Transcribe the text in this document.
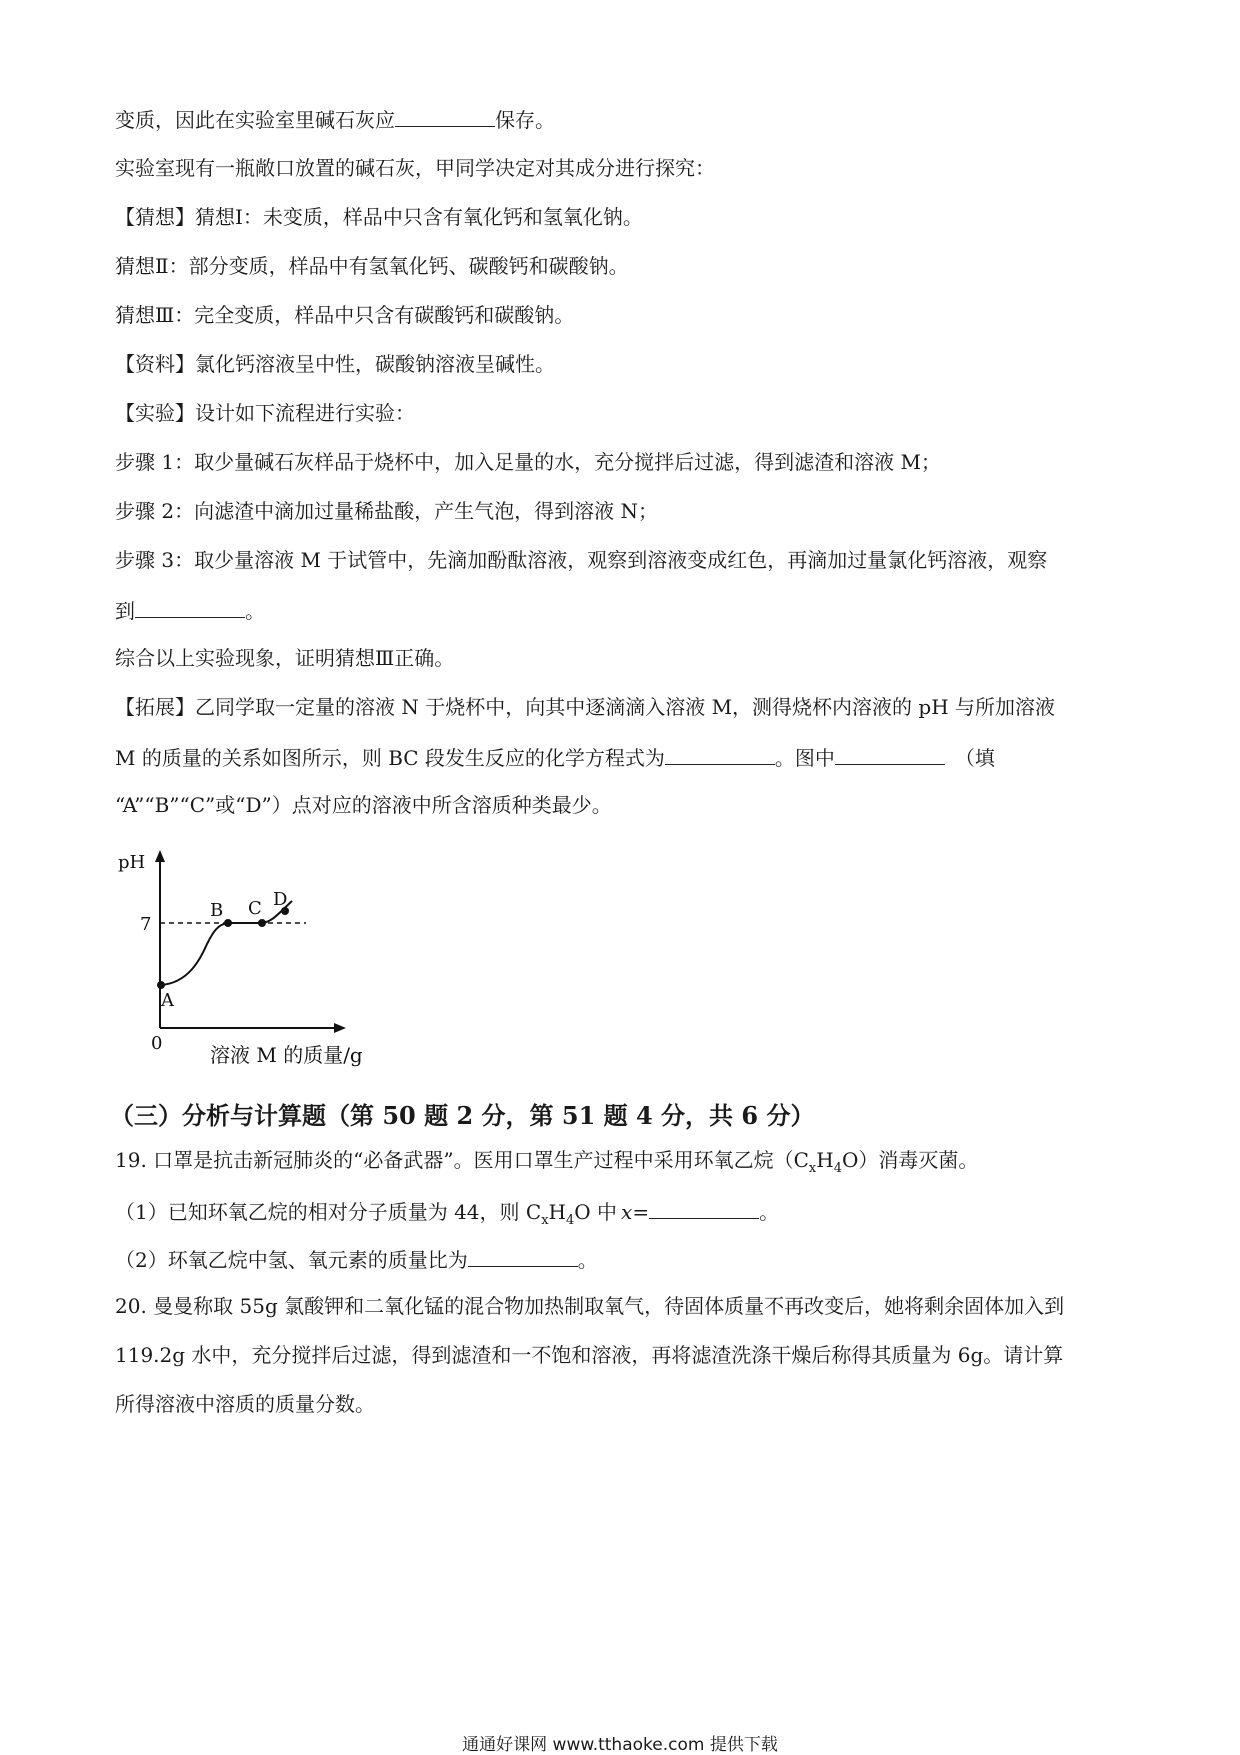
变质，因此在实验室里碱石灰应	保存。
实验室现有一瓶敞口放置的碱石灰，甲同学决定对其成分进行探究：
【猜想】猜想Ⅰ：未变质，样品中只含有氧化钙和氢氧化钠。
猜想Ⅱ：部分变质，样品中有氢氧化钙、碳酸钙和碳酸钠。
猜想Ⅲ：完全变质，样品中只含有碳酸钙和碳酸钠。
【资料】氯化钙溶液呈中性，碳酸钠溶液呈碱性。
【实验】设计如下流程进行实验：
步骤 1：取少量碱石灰样品于烧杯中，加入足量的水，充分搅拌后过滤，得到滤渣和溶液 M；
步骤 2：向滤渣中滴加过量稀盐酸，产生气泡，得到溶液 N；
步骤 3：取少量溶液 M 于试管中，先滴加酚酞溶液，观察到溶液变成红色，再滴加过量氯化钙溶液，观察
到	。
综合以上实验现象，证明猜想Ⅲ正确。
【拓展】乙同学取一定量的溶液 N 于烧杯中，向其中逐滴滴入溶液 M，测得烧杯内溶液的 pH 与所加溶液
M 的质量的关系如图所示，则 BC 段发生反应的化学方程式为	。图中	（填
“A”“B”“C”或“D”）点对应的溶液中所含溶质种类最少。
pH
7
0 溶液 M 的质量/g
A
B C D
（三）分析与计算题（第 50 题 2 分，第 51 题 4 分，共 6 分）
19. 口罩是抗击新冠肺炎的“必备武器”。医用口罩生产过程中采用环氧乙烷$(C_xH_4O)$消毒灭菌。
（1）已知环氧乙烷的相对分子质量为 44，则 $C_xH_4O$ 中 x=	。
（2）环氧乙烷中氢、氧元素的质量比为	。
20. 曼曼称取 55g 氯酸钾和二氧化锰的混合物加热制取氧气，待固体质量不再改变后，她将剩余固体加入到
119.2g 水中，充分搅拌后过滤，得到滤渣和一不饱和溶液，再将滤渣洗涤干燥后称得其质量为 6g。请计算
所得溶液中溶质的质量分数。
通通好课网 www.tthaoke.com 提供下载
